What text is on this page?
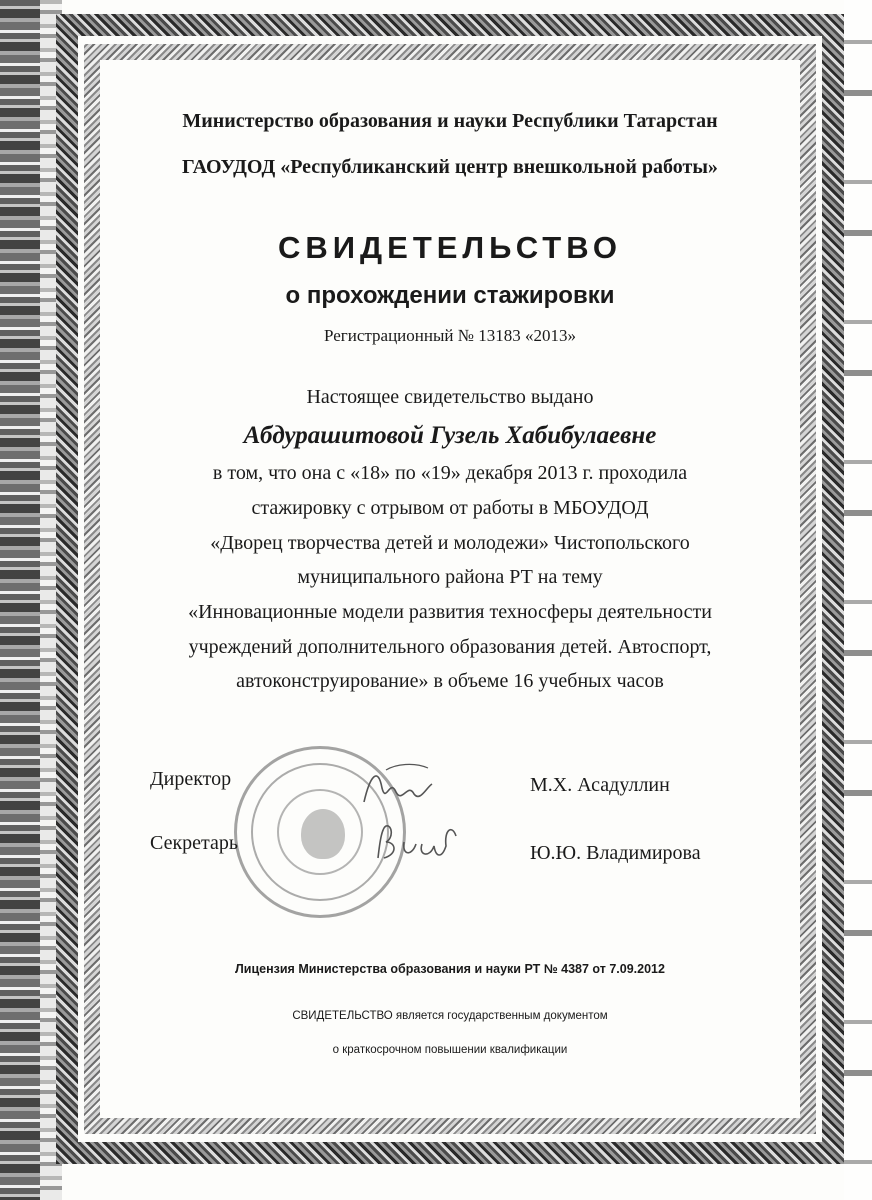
Министерство образования и науки Республики Татарстан
ГАОУДОД «Республиканский центр внешкольной работы»
СВИДЕТЕЛЬСТВО
о прохождении стажировки
Регистрационный № 13183 «2013»
Настоящее свидетельство выдано
Абдурашитовой Гузель Хабибулаевне
в том, что она с «18» по «19» декабря 2013 г. проходила
стажировку с отрывом от работы в МБОУДОД
«Дворец творчества детей и молодежи» Чистопольского
муниципального района РТ на тему
«Инновационные модели развития техносферы деятельности
учреждений дополнительного образования детей. Автоспорт,
автоконструирование» в объеме 16 учебных часов
Директор	М.Х. Асадуллин
Секретарь	Ю.Ю. Владимирова
Лицензия Министерства образования и науки РТ № 4387 от 7.09.2012
СВИДЕТЕЛЬСТВО является государственным документом
о краткосрочном повышении квалификации
